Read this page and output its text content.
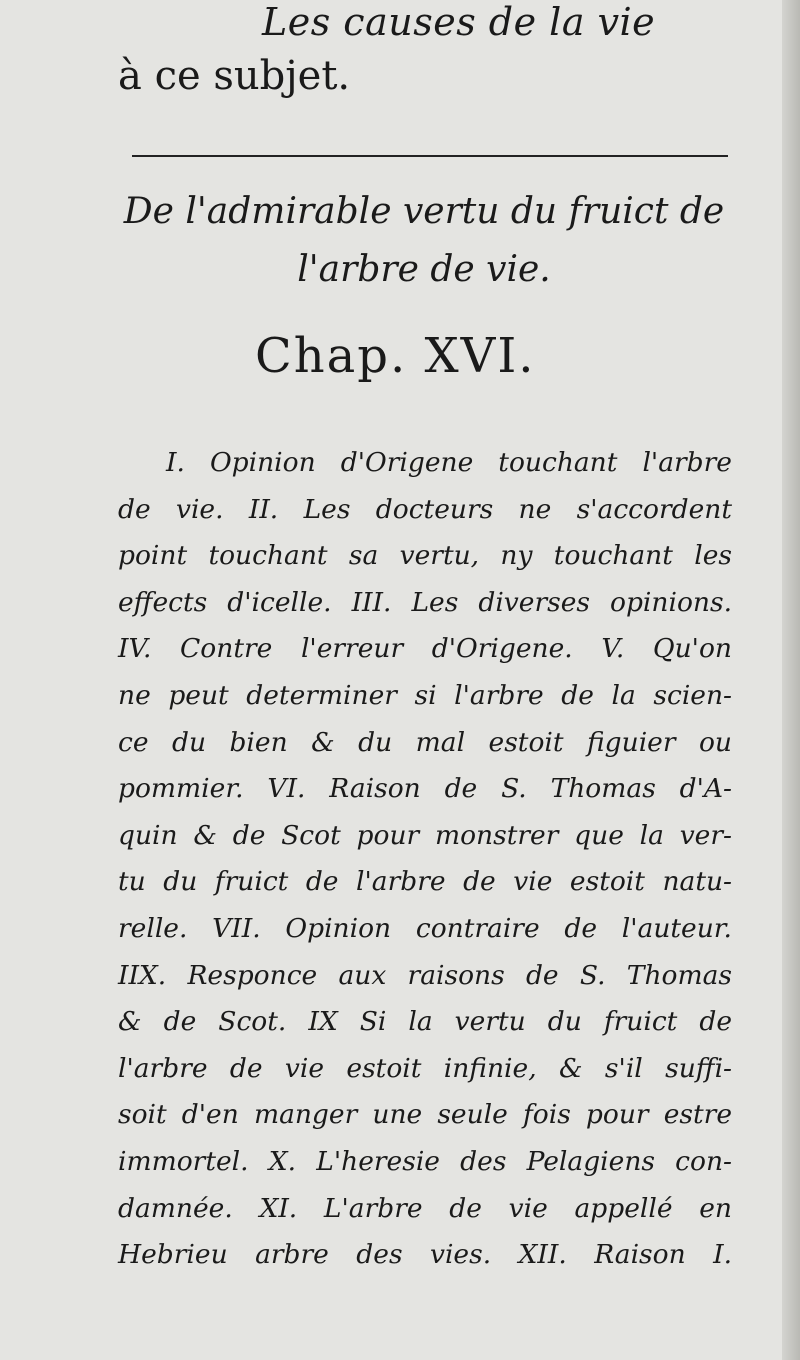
Les causes de la vie
à ce subjet.
De l'admirable vertu du fruict de
l'arbre de vie.
Chap. XVI.
I. Opinion d'Origene touchant l'arbre
de vie. II. Les docteurs ne s'accordent
point touchant sa vertu, ny touchant les
effects d'icelle. III. Les diverses opinions.
IV. Contre l'erreur d'Origene. V. Qu'on
ne peut determiner si l'arbre de la scien-
ce du bien & du mal estoit figuier ou
pommier. VI. Raison de S. Thomas d'A-
quin & de Scot pour monstrer que la ver-
tu du fruict de l'arbre de vie estoit natu-
relle. VII. Opinion contraire de l'auteur.
IIX. Responce aux raisons de S. Thomas
& de Scot. IX Si la vertu du fruict de
l'arbre de vie estoit infinie, & s'il suffi-
soit d'en manger une seule fois pour estre
immortel. X. L'heresie des Pelagiens con-
damnée. XI. L'arbre de vie appellé en
Hebrieu arbre des vies. XII. Raison I.
